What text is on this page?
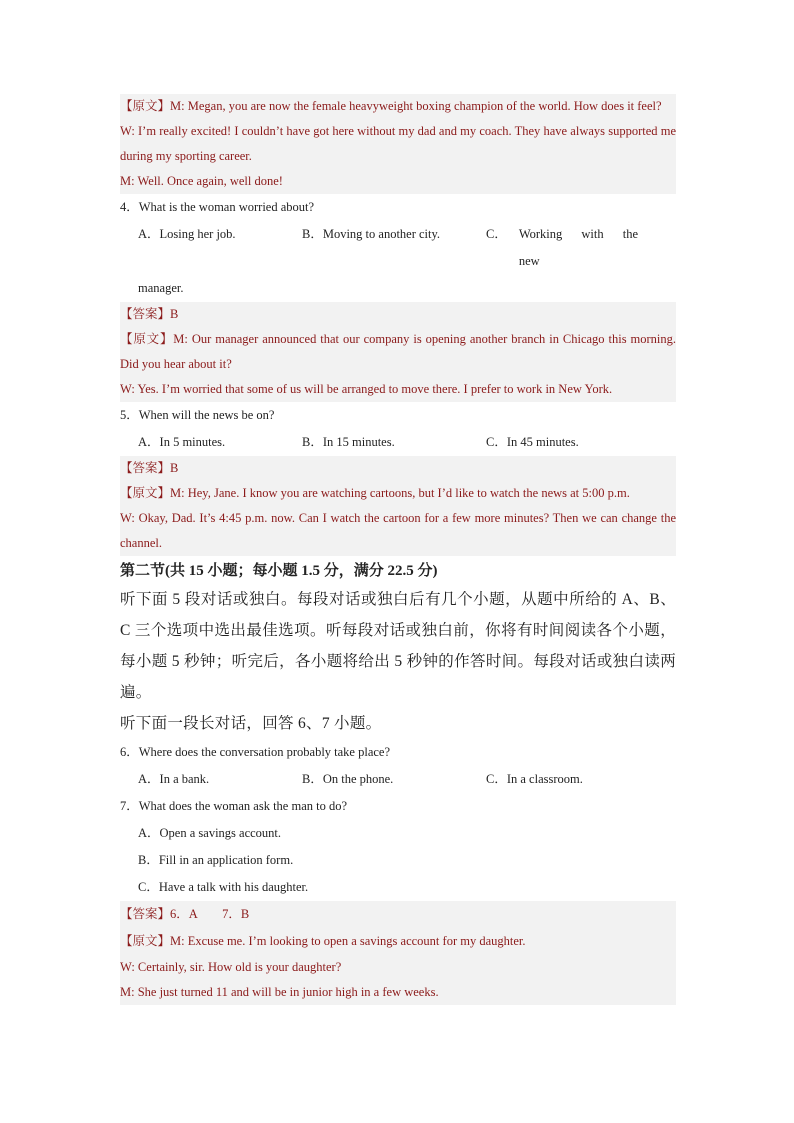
【原文】M: Megan, you are now the female heavyweight boxing champion of the world. How does it feel?
W: I’m really excited! I couldn’t have got here without my dad and my coach. They have always supported me during my sporting career.
M: Well. Once again, well done!
4．What is the woman worried about?
A．Losing her job.	B．Moving to another city.	C． Working with the new
manager.
【答案】B
【原文】M: Our manager announced that our company is opening another branch in Chicago this morning. Did you hear about it?
W: Yes. I’m worried that some of us will be arranged to move there. I prefer to work in New York.
5．When will the news be on?
A．In 5 minutes.	B．In 15 minutes.	C．In 45 minutes.
【答案】B
【原文】M: Hey, Jane. I know you are watching cartoons, but I’d like to watch the news at 5:00 p.m.
W: Okay, Dad. It’s 4:45 p.m. now. Can I watch the cartoon for a few more minutes? Then we can change the channel.
第二节(共 15 小题；每小题 1.5 分，满分 22.5 分)
听下面 5 段对话或独白。每段对话或独白后有几个小题，从题中所给的 A、B、C 三个选项中选出最佳选项。听每段对话或独白前，你将有时间阅读各个小题，每小题 5 秒钟；听完后，各小题将给出 5 秒钟的作答时间。每段对话或独白读两遍。
听下面一段长对话，回答 6、7 小题。
6．Where does the conversation probably take place?
A．In a bank.	B．On the phone.	C．In a classroom.
7．What does the woman ask the man to do?
A．Open a savings account.
B．Fill in an application form.
C．Have a talk with his daughter.
【答案】6．A　　7．B
【原文】M: Excuse me. I’m looking to open a savings account for my daughter.
W: Certainly, sir. How old is your daughter?
M: She just turned 11 and will be in junior high in a few weeks.
